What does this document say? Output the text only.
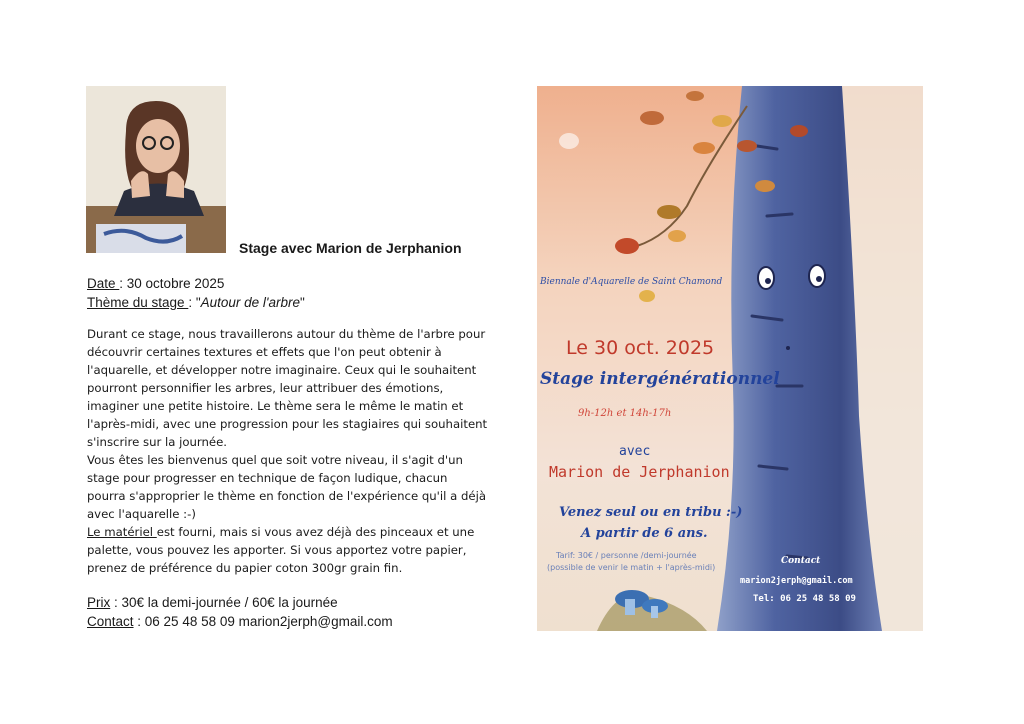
Stage avec Marion de Jerphanion
Date : 30 octobre 2025
Thème du stage : "Autour de l'arbre"

Durant ce stage, nous travaillerons autour du thème de l'arbre pour

découvrir certaines textures et effets que l'on peut obtenir à

l'aquarelle, et développer notre imaginaire. Ceux qui le souhaitent

pourront personnifier les arbres, leur attribuer des émotions,

imaginer une petite histoire. Le thème sera le même le matin et

l'après-midi, avec une progression pour les stagiaires qui souhaitent

s'inscrire sur la journée.

Vous êtes les bienvenus quel que soit votre niveau, il s'agit d'un

stage pour progresser en technique de façon ludique, chacun

pourra s'approprier le thème en fonction de l'expérience qu'il a déjà

avec l'aquarelle :-)

Le matériel est fourni, mais si vous avez déjà des pinceaux et une

palette, vous pouvez les apporter. Si vous apportez votre papier,

prenez de préférence du papier coton 300gr grain fin.

Prix : 30€ la demi-journée / 60€ la journée
Contact : 06 25 48 58 09 marion2jerph@gmail.com
Biennale d'Aquarelle de Saint Chamond
Le 30 oct. 2025
Stage intergénérationnel
9h-12h et 14h-17h
avec
Marion de Jerphanion
Venez seul ou en tribu :-)
A partir de 6 ans.
Tarif: 30€ / personne /demi-journée
(possible de venir le matin + l'après-midi)
Contact
marion2jerph@gmail.com
Tel: 06 25 48 58 09
